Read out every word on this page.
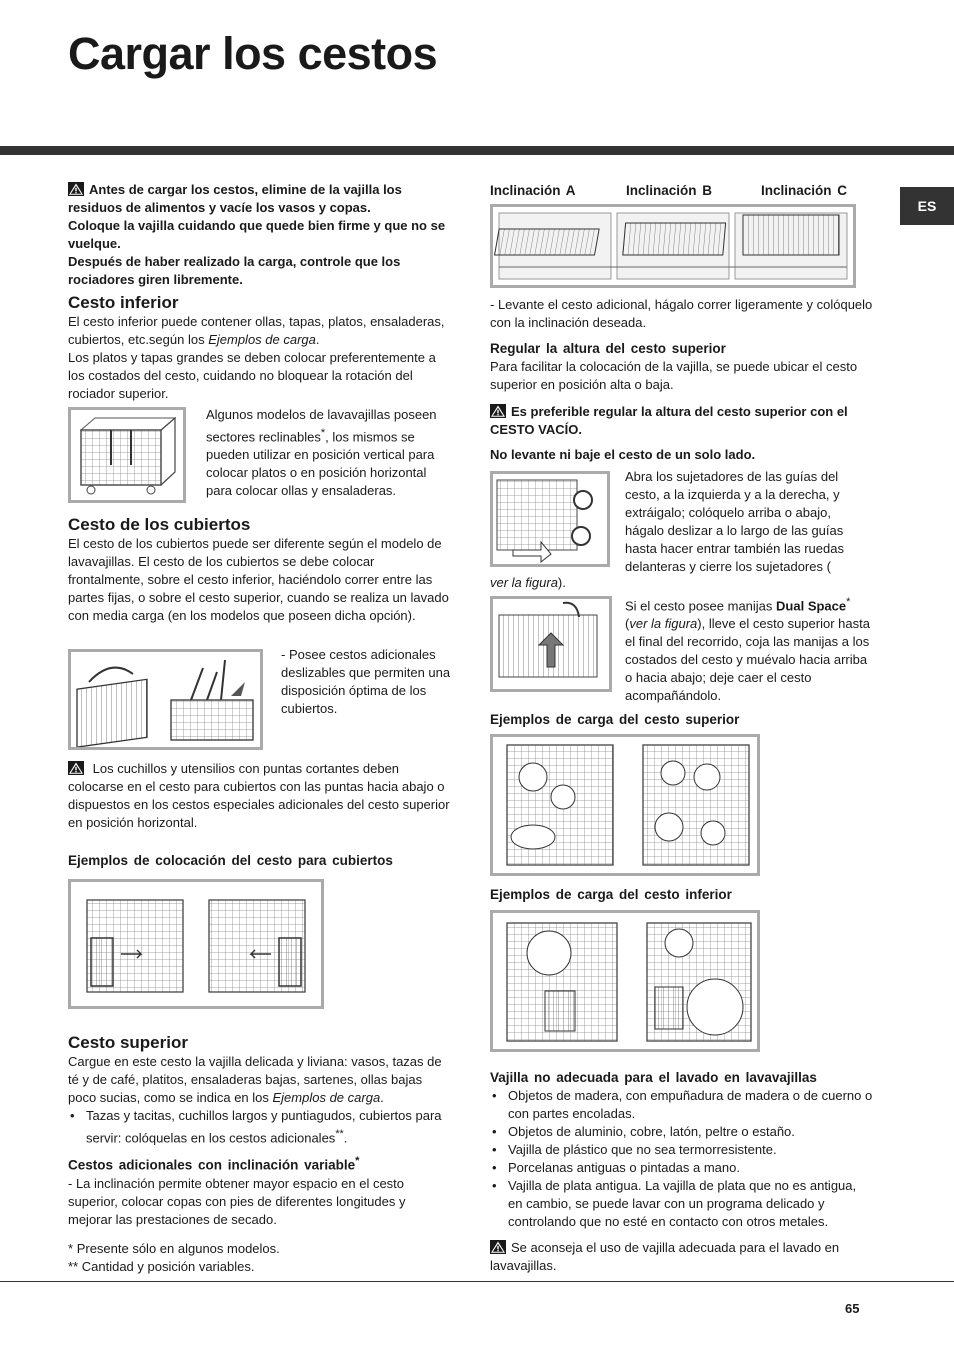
Cargar los cestos
ES

Antes de cargar los cestos, elimine de la vajilla los residuos de alimentos y vacíe los vasos y copas.
Coloque la vajilla cuidando que quede bien firme y que no se vuelque.
Después de haber realizado la carga, controle que los rociadores giren libremente.

Cesto inferior

El cesto inferior puede contener ollas, tapas, platos, ensaladeras, cubiertos, etc.según los Ejemplos de carga.
Los platos y tapas grandes se deben colocar preferentemente a los costados del cesto, cuidando no bloquear la rotación del rociador superior.

Algunos modelos de lavavajillas poseen sectores reclinables*, los mismos se pueden utilizar en posición vertical para colocar platos o en posición horizontal para colocar ollas y ensaladeras.

Cesto de los cubiertos

El cesto de los cubiertos puede ser diferente según el modelo de lavavajillas. El cesto de los cubiertos se debe colocar frontalmente, sobre el cesto inferior, haciéndolo correr entre las partes fijas, o sobre el cesto superior, cuando se realiza un lavado con media carga (en los modelos que poseen dicha opción).

- Posee cestos adicionales deslizables que permiten una disposición óptima de los cubiertos.

Los cuchillos y utensilios con puntas cortantes deben colocarse en el cesto para cubiertos con las puntas hacia abajo o dispuestos en los cestos especiales adicionales del cesto superior en posición horizontal.

Ejemplos de colocación del cesto para cubiertos
Cesto superior

Cargue en este cesto la vajilla delicada y liviana: vasos, tazas de té y de café, platitos, ensaladeras bajas, sartenes, ollas bajas poco sucias, como se indica en los Ejemplos de carga.

• Tazas y tacitas, cuchillos largos y puntiagudos, cubiertos para servir: colóquelas en los cestos adicionales**.
Cestos adicionales con inclinación variable*

- La inclinación permite obtener mayor espacio en el cesto superior, colocar copas con pies de diferentes longitudes y mejorar las prestaciones de secado.

* Presente sólo en algunos modelos.
** Cantidad y posición variables.
Inclinación A	Inclinación B	Inclinación C

- Levante el cesto adicional, hágalo correr ligeramente y colóquelo con la inclinación deseada.

Regular la altura del cesto superior

Para facilitar la colocación de la vajilla, se puede ubicar el cesto superior en posición alta o baja.

Es preferible regular la altura del cesto superior con el CESTO VACÍO.

No levante ni baje el cesto de un solo lado.

Abra los sujetadores de las guías del cesto, a la izquierda y a la derecha, y extráigalo; colóquelo arriba o abajo, hágalo deslizar a lo largo de las guías hasta hacer entrar también las ruedas delanteras y cierre los sujetadores (

ver la figura).

Si el cesto posee manijas Dual Space* (ver la figura), lleve el cesto superior hasta el final del recorrido, coja las manijas a los costados del cesto y muévalo hacia arriba o hacia abajo; deje caer el cesto acompañándolo.

Ejemplos de carga del cesto superior
Ejemplos de carga del cesto inferior
Vajilla no adecuada para el lavado en lavavajillas
• Objetos de madera, con empuñadura de madera o de cuerno o con partes encoladas.
• Objetos de aluminio, cobre, latón, peltre o estaño.
• Vajilla de plástico que no sea termorresistente.
• Porcelanas antiguas o pintadas a mano.
• Vajilla de plata antigua. La vajilla de plata que no es antigua, en cambio, se puede lavar con un programa delicado y controlando que no esté en contacto con otros metales.

Se aconseja el uso de vajilla adecuada para el lavado en lavavajillas.

65
